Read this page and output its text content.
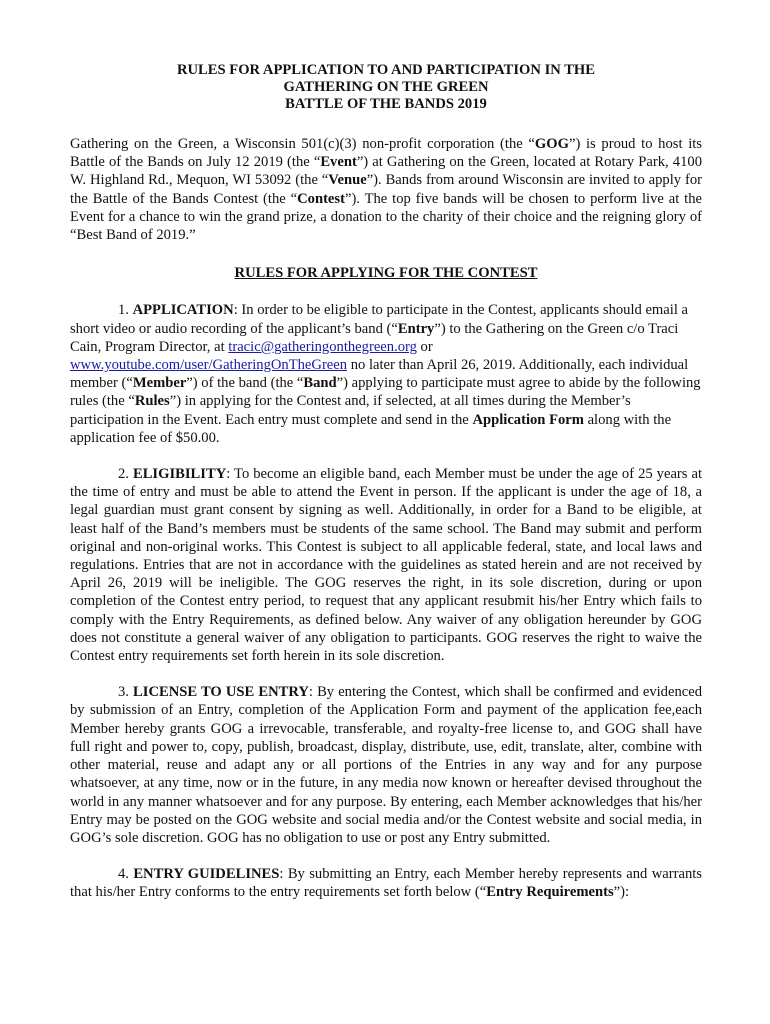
RULES FOR APPLICATION TO AND PARTICIPATION IN THE
GATHERING ON THE GREEN
BATTLE OF THE BANDS 2019

Gathering on the Green, a Wisconsin 501(c)(3) non-profit corporation (the “GOG”) is proud to host its Battle of the Bands on July 12 2019 (the “Event”) at Gathering on the Green, located at Rotary Park, 4100 W. Highland Rd., Mequon, WI 53092 (the “Venue”). Bands from around Wisconsin are invited to apply for the Battle of the Bands Contest (the “Contest”). The top five bands will be chosen to perform live at the Event for a chance to win the grand prize, a donation to the charity of their choice and the reigning glory of “Best Band of 2019.”

RULES FOR APPLYING FOR THE CONTEST

1. APPLICATION: In order to be eligible to participate in the Contest, applicants should email a short video or audio recording of the applicant’s band (“Entry”) to the Gathering on the Green c/o Traci Cain, Program Director, at tracic@gatheringonthegreen.org or www.youtube.com/user/GatheringOnTheGreen no later than April 26, 2019. Additionally, each individual member (“Member”) of the band (the “Band”) applying to participate must agree to abide by the following rules (the “Rules”) in applying for the Contest and, if selected, at all times during the Member’s participation in the Event. Each entry must complete and send in the Application Form along with the application fee of $50.00.

2. ELIGIBILITY: To become an eligible band, each Member must be under the age of 25 years at the time of entry and must be able to attend the Event in person. If the applicant is under the age of 18, a legal guardian must grant consent by signing as well. Additionally, in order for a Band to be eligible, at least half of the Band’s members must be students of the same school. The Band may submit and perform original and non-original works. This Contest is subject to all applicable federal, state, and local laws and regulations. Entries that are not in accordance with the guidelines as stated herein and are not received by April 26, 2019 will be ineligible. The GOG reserves the right, in its sole discretion, during or upon completion of the Contest entry period, to request that any applicant resubmit his/her Entry which fails to comply with the Entry Requirements, as defined below. Any waiver of any obligation hereunder by GOG does not constitute a general waiver of any obligation to participants. GOG reserves the right to waive the Contest entry requirements set forth herein in its sole discretion.

3. LICENSE TO USE ENTRY: By entering the Contest, which shall be confirmed and evidenced by submission of an Entry, completion of the Application Form and payment of the application fee,each Member hereby grants GOG a irrevocable, transferable, and royalty-free license to, and GOG shall have full right and power to, copy, publish, broadcast, display, distribute, use, edit, translate, alter, combine with other material, reuse and adapt any or all portions of the Entries in any way and for any purpose whatsoever, at any time, now or in the future, in any media now known or hereafter devised throughout the world in any manner whatsoever and for any purpose. By entering, each Member acknowledges that his/her Entry may be posted on the GOG website and social media and/or the Contest website and social media, in GOG’s sole discretion. GOG has no obligation to use or post any Entry submitted.

4. ENTRY GUIDELINES: By submitting an Entry, each Member hereby represents and warrants that his/her Entry conforms to the entry requirements set forth below (“Entry Requirements”):
